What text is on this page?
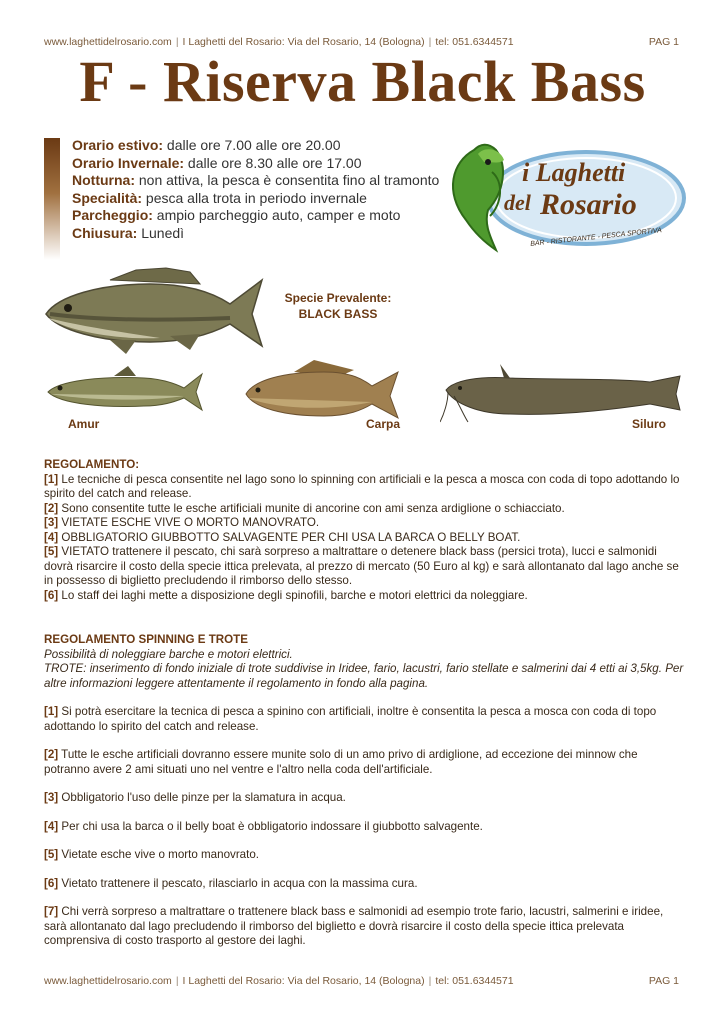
www.laghettidelrosario.com | I Laghetti del Rosario: Via del Rosario, 14 (Bologna) | tel: 051.6344571	PAG 1
F - Riserva Black Bass
Orario estivo: dalle ore 7.00 alle ore 20.00
Orario Invernale: dalle ore 8.30 alle ore 17.00
Notturna: non attiva, la pesca è consentita fino al tramonto
Specialità: pesca alla trota in periodo invernale
Parcheggio: ampio parcheggio auto, camper e moto
Chiusura: Lunedì
i Laghetti
del Rosario
BAR - RISTORANTE - PESCA SPORTIVA
Specie Prevalente:
BLACK BASS
Amur	Carpa	Siluro
REGOLAMENTO:
[1] Le tecniche di pesca consentite nel lago sono lo spinning con artificiali e la pesca a mosca con coda di topo adottando lo spirito del catch and release.
[2] Sono consentite tutte le esche artificiali munite di ancorine con ami senza ardiglione o schiacciato.
[3] VIETATE ESCHE VIVE O MORTO MANOVRATO.
[4] OBBLIGATORIO GIUBBOTTO SALVAGENTE PER CHI USA LA BARCA O BELLY BOAT.
[5] VIETATO trattenere il pescato, chi sarà sorpreso a maltrattare o detenere black bass (persici trota), lucci e salmonidi dovrà risarcire il costo della specie ittica prelevata, al prezzo di mercato (50 Euro al kg) e sarà allontanato dal lago anche se in possesso di biglietto precludendo il rimborso dello stesso.
[6] Lo staff dei laghi mette a disposizione degli spinofili, barche e motori elettrici da noleggiare.
REGOLAMENTO SPINNING E TROTE
Possibilità di noleggiare barche e motori elettrici.
TROTE: inserimento di fondo iniziale di trote suddivise in Iridee, fario, lacustri, fario stellate e salmerini dai 4 etti ai 3,5kg. Per altre informazioni leggere attentamente il regolamento in fondo alla pagina.
[1] Si potrà esercitare la tecnica di pesca a spinino con artificiali, inoltre è consentita la pesca a mosca con coda di topo adottando lo spirito del catch and release.
[2] Tutte le esche artificiali dovranno essere munite solo di un amo privo di ardiglione, ad eccezione dei minnow che potranno avere 2 ami situati uno nel ventre e l'altro nella coda dell'artificiale.
[3] Obbligatorio l'uso delle pinze per la slamatura in acqua.
[4] Per chi usa la barca o il belly boat è obbligatorio indossare il giubbotto salvagente.
[5] Vietate esche vive o morto manovrato.
[6] Vietato trattenere il pescato, rilasciarlo in acqua con la massima cura.
[7] Chi verrà sorpreso a maltrattare o trattenere black bass e salmonidi ad esempio trote fario, lacustri, salmerini e iridee, sarà allontanato dal lago precludendo il rimborso del biglietto e dovrà risarcire il costo della specie ittica prelevata comprensiva di costo trasporto al gestore dei laghi.
www.laghettidelrosario.com | I Laghetti del Rosario: Via del Rosario, 14 (Bologna) | tel: 051.6344571	PAG 1
